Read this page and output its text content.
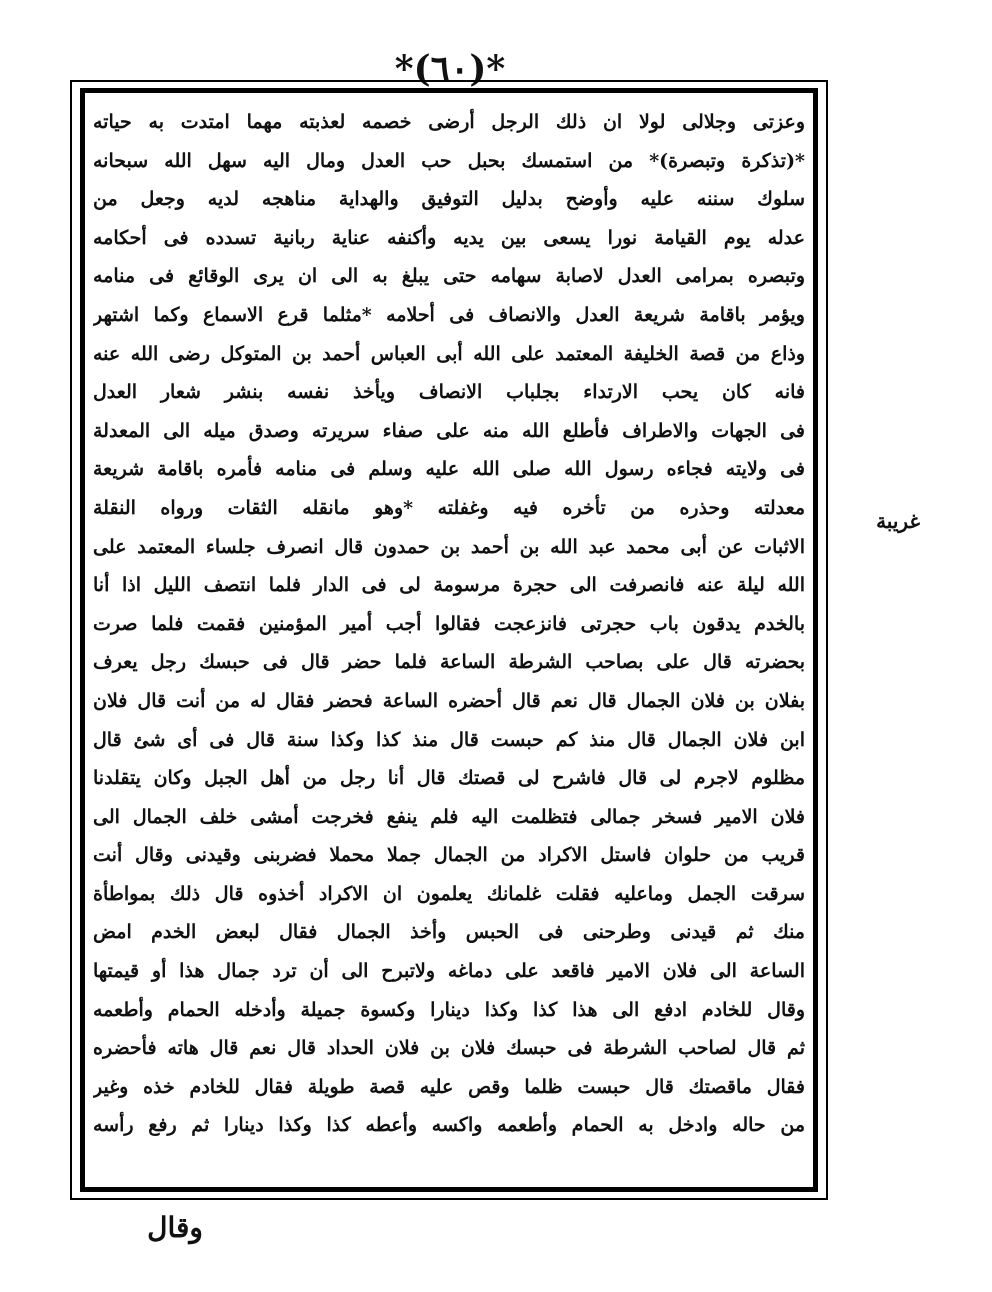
*(٦٠)*
وعزتى وجلالى لولا ان ذلك الرجل أرضى خصمه لعذبته مهما امتدت به حياته
*(تذكرة وتبصرة)* من استمسك بحبل حب العدل ومال اليه سهل الله سبحانه
سلوك سننه عليه وأوضح بدليل التوفيق والهداية مناهجه لديه وجعل من
عدله يوم القيامة نورا يسعى بين يديه وأكنفه عناية ربانية تسدده فى أحكامه
وتبصره بمرامى العدل لاصابة سهامه حتى يبلغ به الى ان يرى الوقائع فى منامه
ويؤمر باقامة شريعة العدل والانصاف فى أحلامه *مثلما قرع الاسماع وكما اشتهر
وذاع من قصة الخليفة المعتمد على الله أبى العباس أحمد بن المتوكل رضى الله عنه
فانه كان يحب الارتداء بجلباب الانصاف ويأخذ نفسه بنشر شعار العدل
فى الجهات والاطراف فأطلع الله منه على صفاء سريرته وصدق ميله الى المعدلة
فى ولايته فجاءه رسول الله صلى الله عليه وسلم فى منامه فأمره باقامة شريعة
معدلته وحذره من تأخره فيه وغفلته *وهو مانقله الثقات ورواه النقلة
الاثبات عن أبى محمد عبد الله بن أحمد بن حمدون قال انصرف جلساء المعتمد على
الله ليلة عنه فانصرفت الى حجرة مرسومة لى فى الدار فلما انتصف الليل اذا أنا
بالخدم يدقون باب حجرتى فانزعجت فقالوا أجب أمير المؤمنين فقمت فلما صرت
بحضرته قال على بصاحب الشرطة الساعة فلما حضر قال فى حبسك رجل يعرف
بفلان بن فلان الجمال قال نعم قال أحضره الساعة فحضر فقال له من أنت قال فلان
ابن فلان الجمال قال منذ كم حبست قال منذ كذا وكذا سنة قال فى أى شئ قال
مظلوم لاجرم لى قال فاشرح لى قصتك قال أنا رجل من أهل الجبل وكان يتقلدنا
فلان الامير فسخر جمالى فتظلمت اليه فلم ينفع فخرجت أمشى خلف الجمال الى
قريب من حلوان فاستل الاكراد من الجمال جملا محملا فضربنى وقيدنى وقال أنت
سرقت الجمل وماعليه فقلت غلمانك يعلمون ان الاكراد أخذوه قال ذلك بمواطأة
منك ثم قيدنى وطرحنى فى الحبس وأخذ الجمال فقال لبعض الخدم امض
الساعة الى فلان الامير فاقعد على دماغه ولاتبرح الى أن ترد جمال هذا أو قيمتها
وقال للخادم ادفع الى هذا كذا وكذا دينارا وكسوة جميلة وأدخله الحمام وأطعمه
ثم قال لصاحب الشرطة فى حبسك فلان بن فلان الحداد قال نعم قال هاته فأحضره
فقال ماقصتك قال حبست ظلما وقص عليه قصة طويلة فقال للخادم خذه وغير
من حاله وادخل به الحمام وأطعمه واكسه وأعطه كذا وكذا دينارا ثم رفع رأسه
غريبة
وقال
